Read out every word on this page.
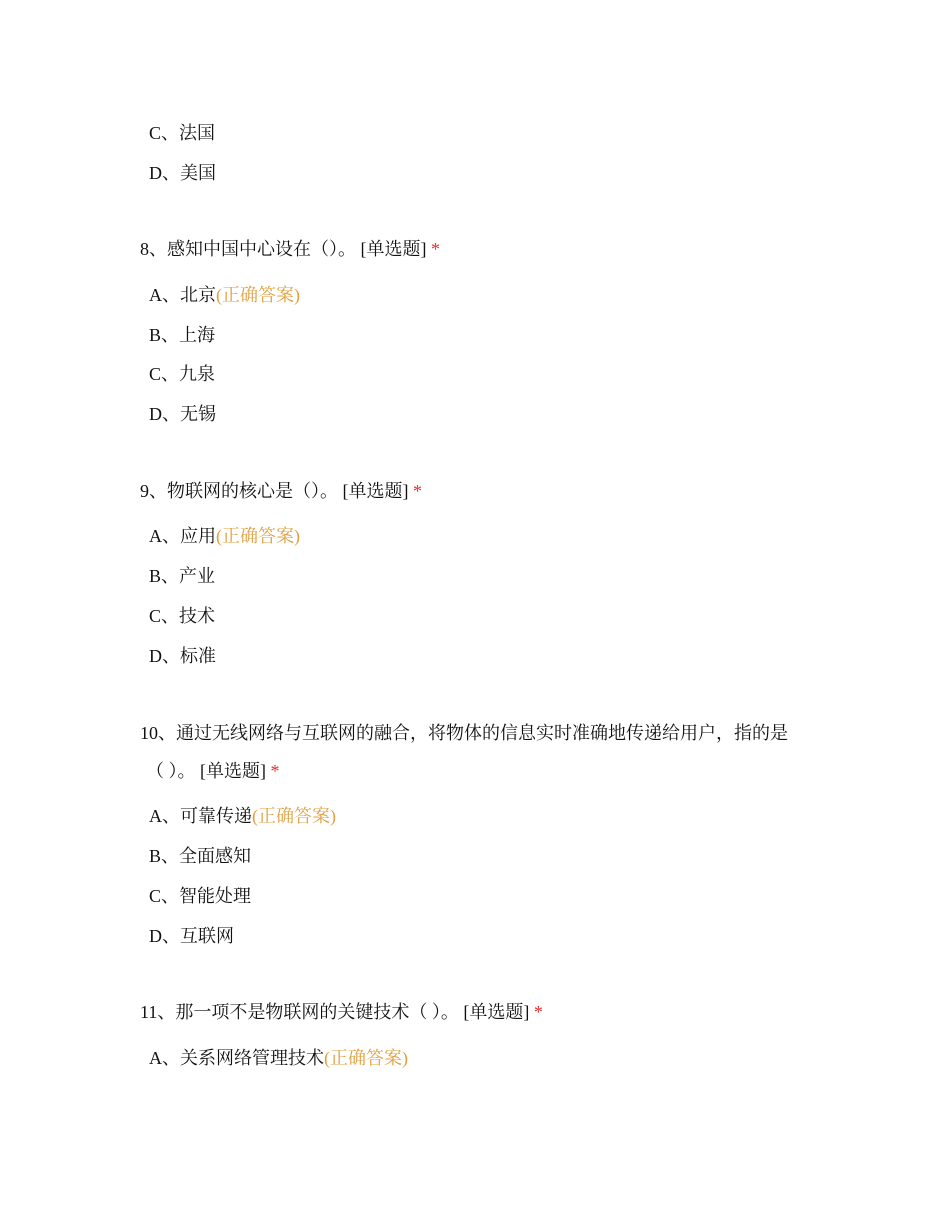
C、法国
D、美国
8、感知中国中心设在（）。 [单选题] *
A、北京(正确答案)
B、上海
C、九泉
D、无锡
9、物联网的核心是（）。 [单选题] *
A、应用(正确答案)
B、产业
C、技术
D、标准
10、通过无线网络与互联网的融合，将物体的信息实时准确地传递给用户，指的是
（ ）。 [单选题] *
A、可靠传递(正确答案)
B、全面感知
C、智能处理
D、互联网
11、那一项不是物联网的关键技术（ ）。 [单选题] *
A、关系网络管理技术(正确答案)
